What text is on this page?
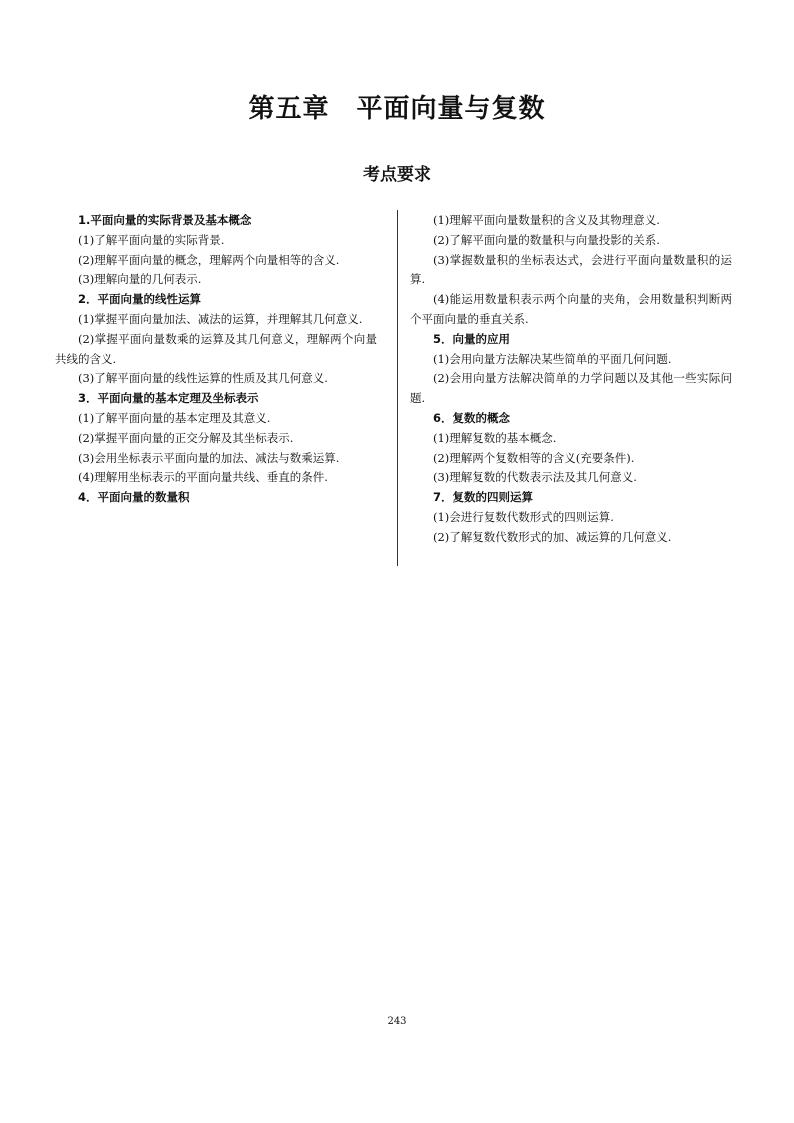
第五章　平面向量与复数
考点要求

1.平面向量的实际背景及基本概念

(1)了解平面向量的实际背景.

(2)理解平面向量的概念，理解两个向量相等的含义.

(3)理解向量的几何表示.

2．平面向量的线性运算

(1)掌握平面向量加法、减法的运算，并理解其几何意义.

(2)掌握平面向量数乘的运算及其几何意义，理解两个向量共线的含义.

(3)了解平面向量的线性运算的性质及其几何意义.

3．平面向量的基本定理及坐标表示

(1)了解平面向量的基本定理及其意义.

(2)掌握平面向量的正交分解及其坐标表示.

(3)会用坐标表示平面向量的加法、减法与数乘运算.

(4)理解用坐标表示的平面向量共线、垂直的条件.

4．平面向量的数量积

(1)理解平面向量数量积的含义及其物理意义.

(2)了解平面向量的数量积与向量投影的关系.

(3)掌握数量积的坐标表达式，会进行平面向量数量积的运算.

(4)能运用数量积表示两个向量的夹角，会用数量积判断两个平面向量的垂直关系.

5．向量的应用

(1)会用向量方法解决某些简单的平面几何问题.

(2)会用向量方法解决简单的力学问题以及其他一些实际问题.

6．复数的概念

(1)理解复数的基本概念.

(2)理解两个复数相等的含义(充要条件).

(3)理解复数的代数表示法及其几何意义.

7．复数的四则运算

(1)会进行复数代数形式的四则运算.

(2)了解复数代数形式的加、减运算的几何意义.

243
